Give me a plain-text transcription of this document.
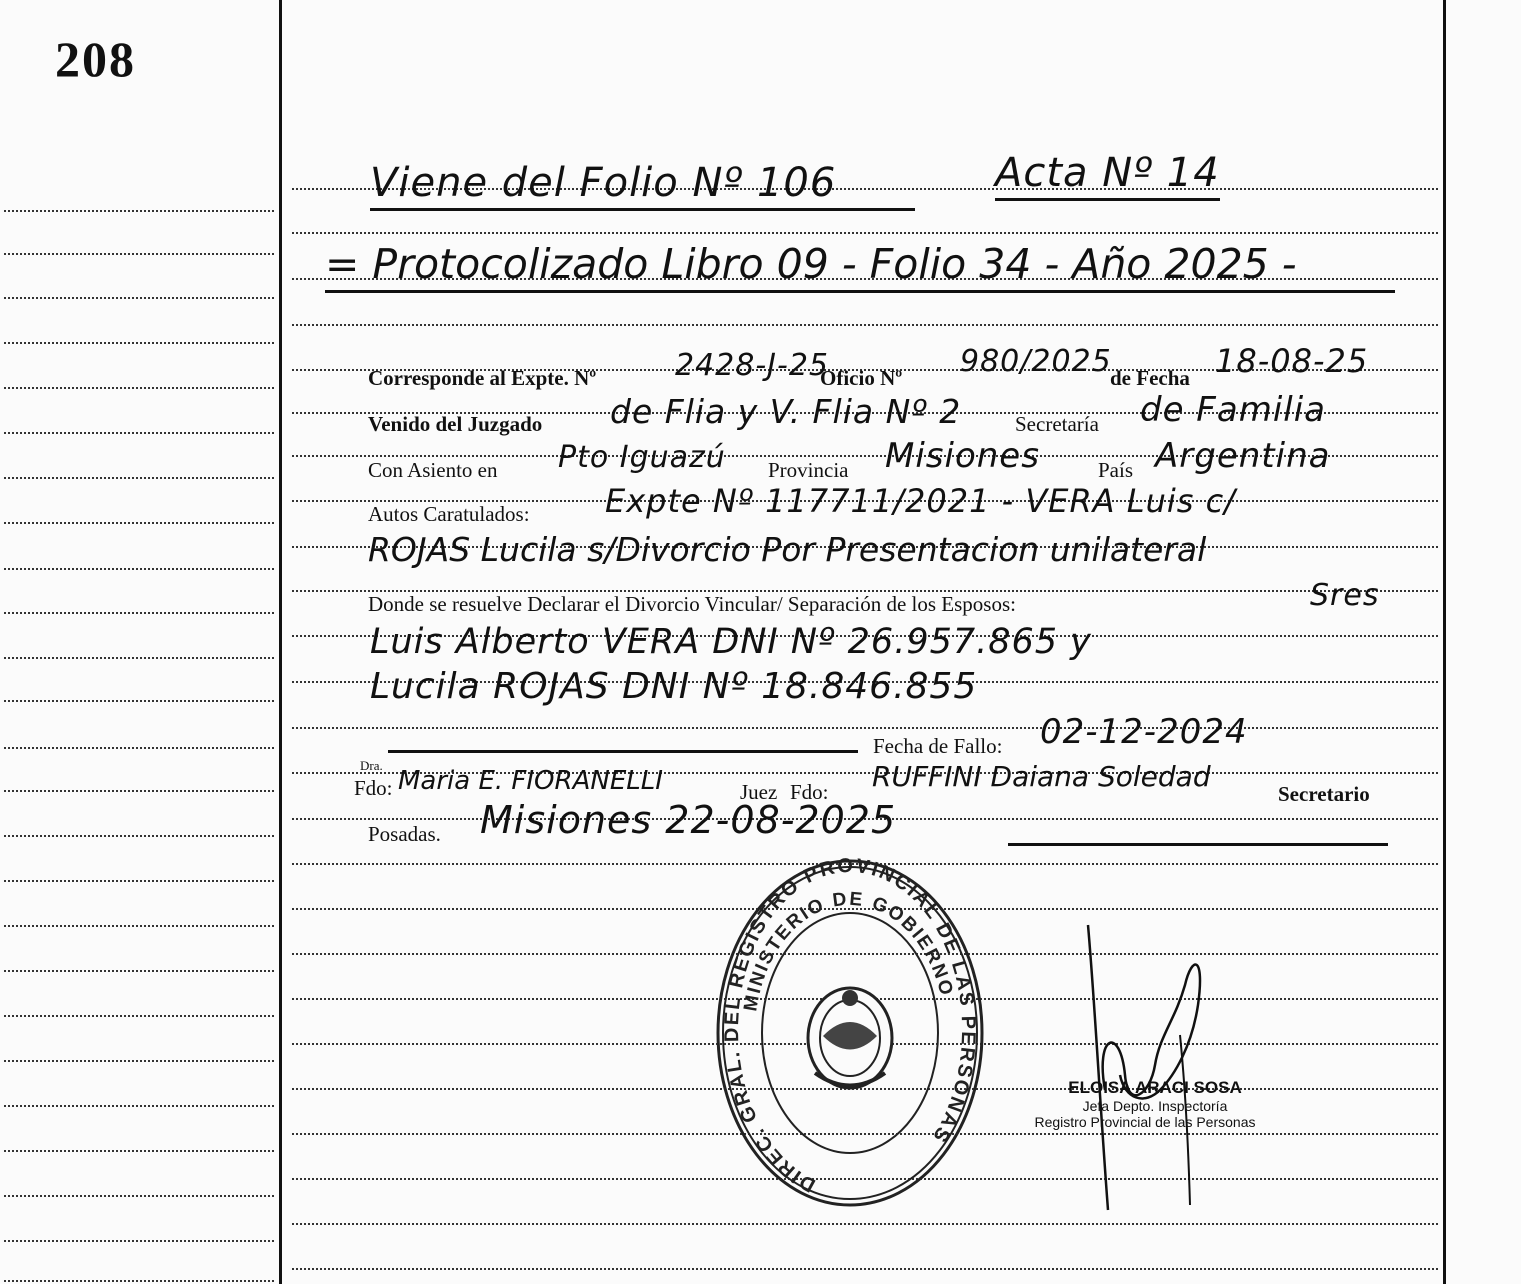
208
Viene del Folio Nº 106	Acta Nº 14
= Protocolizado Libro 09 - Folio 34 - Año 2025 -
Corresponde al Expte. Nº	2428-J-25
Oficio Nº 980/2025
de Fecha 18-08-25
Venido del Juzgado de Flia y V. Flia Nº 2	Secretaría de Familia
Con Asiento en Pto Iguazú Provincia Misiones	País Argentina
Autos Caratulados: Expte Nº 117711/2021 - VERA Luis c/
ROJAS Lucila s/Divorcio Por Presentacion unilateral
Donde se resuelve Declarar el Divorcio Vincular/ Separación de los Esposos:	Sres
Luis Alberto VERA DNI Nº 26.957.865 y
Lucila ROJAS DNI Nº 18.846.855
Fecha de Fallo: 02-12-2024
Dra.
Fdo: Maria E. FIORANELLI	Juez Fdo: RUFFINI Daiana Soledad
Secretario
Posadas. Misiones 22-08-2025
DIREC. GRAL. DEL REGISTRO PROVINCIAL DE LAS PERSONAS
MINISTERIO DE GOBIERNO
ELOISA ARACI SOSA
Jefa Depto. Inspectoría
Registro Provincial de las Personas
